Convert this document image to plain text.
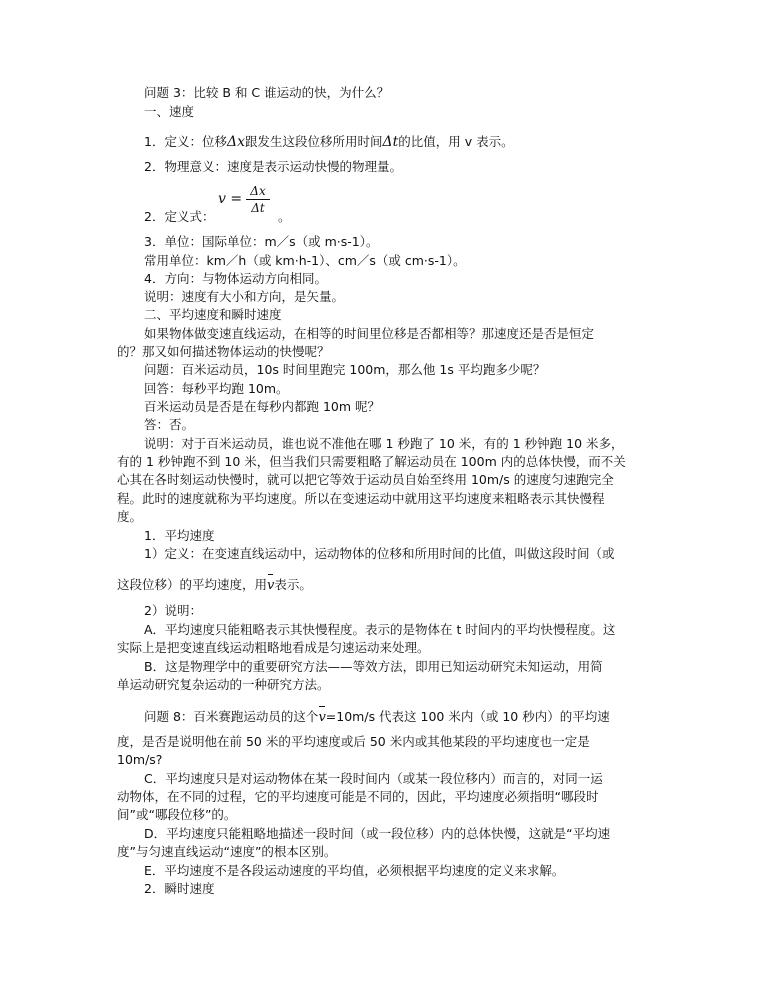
问题 3：比较 B 和 C 谁运动的快，为什么？
一、速度
1．定义：位移Δx跟发生这段位移所用时间Δt的比值，用 v 表示。
2．物理意义：速度是表示运动快慢的物理量。
v = Δx
Δt
2．定义式：	。
3．单位：国际单位：m／s（或 m·s-1）。
常用单位：km／h（或 km·h-1）、cm／s（或 cm·s-1）。
4．方向：与物体运动方向相同。
说明：速度有大小和方向，是矢量。
二、平均速度和瞬时速度
如果物体做变速直线运动，在相等的时间里位移是否都相等？那速度还是否是恒定
的？那又如何描述物体运动的快慢呢？
问题：百米运动员，10s 时间里跑完 100m，那么他 1s 平均跑多少呢？
回答：每秒平均跑 10m。
百米运动员是否是在每秒内都跑 10m 呢？
答：否。
说明：对于百米运动员，谁也说不准他在哪 1 秒跑了 10 米，有的 1 秒钟跑 10 米多，
有的 1 秒钟跑不到 10 米，但当我们只需要粗略了解运动员在 100m 内的总体快慢，而不关
心其在各时刻运动快慢时，就可以把它等效于运动员自始至终用 10m/s 的速度匀速跑完全
程。此时的速度就称为平均速度。所以在变速运动中就用这平均速度来粗略表示其快慢程
度。
1．平均速度
1）定义：在变速直线运动中，运动物体的位移和所用时间的比值，叫做这段时间（或
这段位移）的平均速度，用v表示。
2）说明：
A．平均速度只能粗略表示其快慢程度。表示的是物体在 t 时间内的平均快慢程度。这
实际上是把变速直线运动粗略地看成是匀速运动来处理。
B．这是物理学中的重要研究方法——等效方法，即用已知运动研究未知运动，用简
单运动研究复杂运动的一种研究方法。
问题 8：百米赛跑运动员的这个v=10m/s 代表这 100 米内（或 10 秒内）的平均速
度，是否是说明他在前 50 米的平均速度或后 50 米内或其他某段的平均速度也一定是
10m/s?
C．平均速度只是对运动物体在某一段时间内（或某一段位移内）而言的，对同一运
动物体，在不同的过程，它的平均速度可能是不同的，因此，平均速度必须指明“哪段时
间”或“哪段位移”的。
D．平均速度只能粗略地描述一段时间（或一段位移）内的总体快慢，这就是“平均速
度”与匀速直线运动“速度”的根本区别。
E．平均速度不是各段运动速度的平均值，必须根据平均速度的定义来求解。
2．瞬时速度
